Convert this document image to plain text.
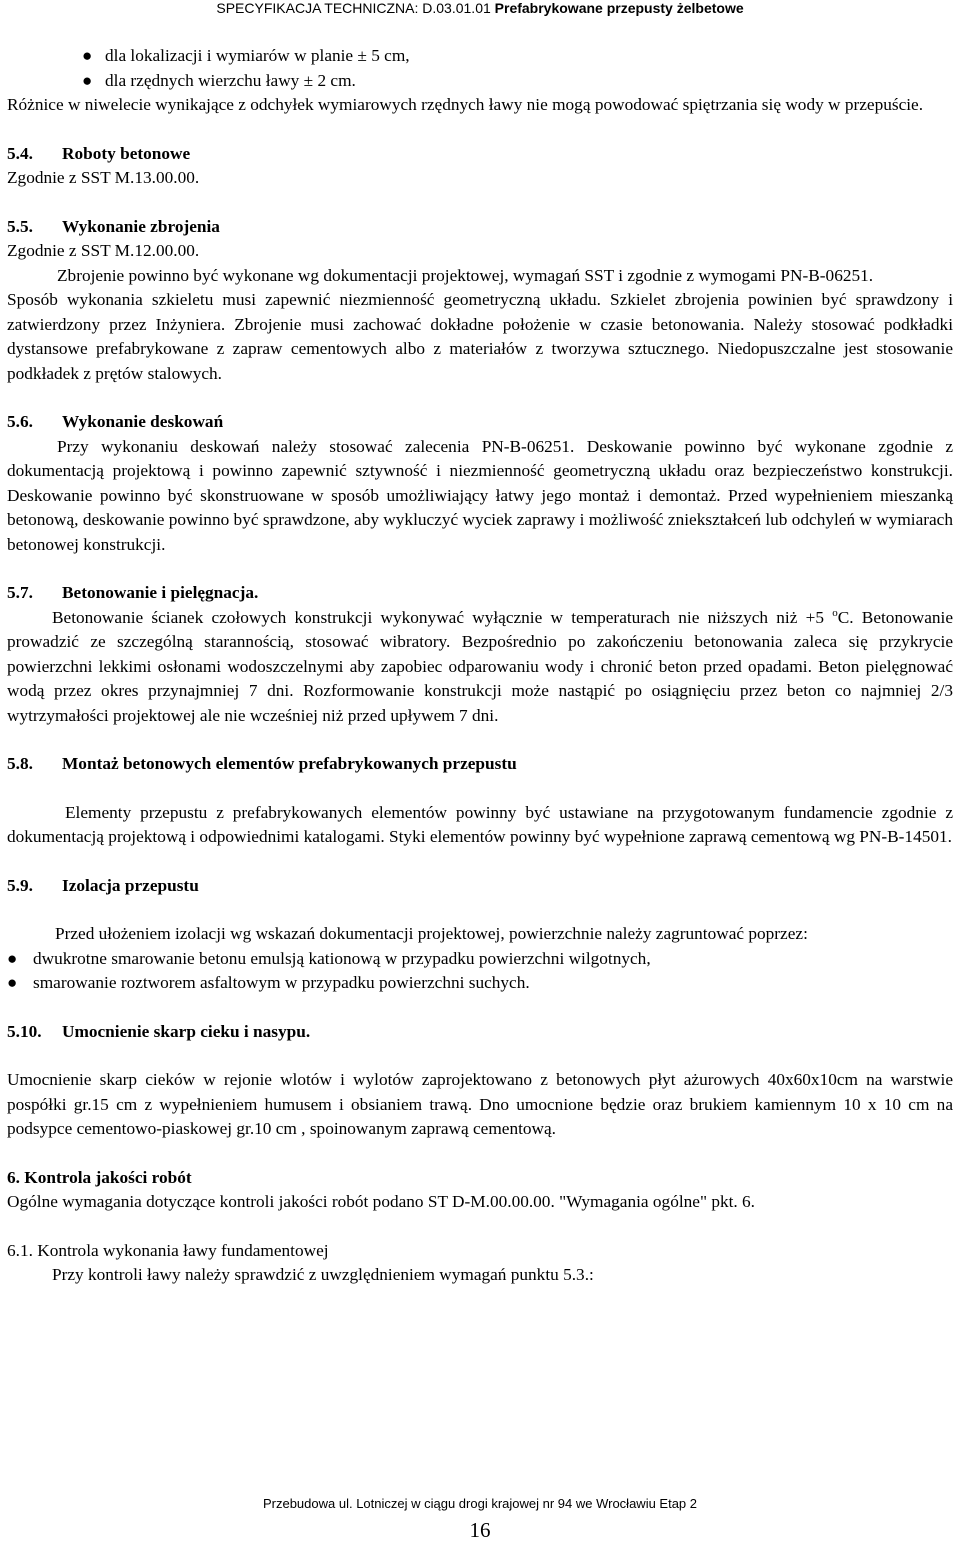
SPECYFIKACJA TECHNICZNA: D.03.01.01 Prefabrykowane przepusty żelbetowe
● dla lokalizacji i wymiarów w planie ± 5 cm,
● dla rzędnych wierzchu ławy ± 2 cm.

Różnice w niwelecie wynikające z odchyłek wymiarowych rzędnych ławy nie mogą powodować spiętrzania się wody w przepuście.

5.4. Roboty betonowe

Zgodnie z SST M.13.00.00.

5.5. Wykonanie zbrojenia

Zgodnie z SST M.12.00.00.

Zbrojenie powinno być wykonane wg dokumentacji projektowej, wymagań SST i zgodnie z wymogami PN-B-06251.

Sposób wykonania szkieletu musi zapewnić niezmienność geometryczną układu. Szkielet zbrojenia powinien być sprawdzony i zatwierdzony przez Inżyniera. Zbrojenie musi zachować dokładne położenie w czasie betonowania. Należy stosować podkładki dystansowe prefabrykowane z zapraw cementowych albo z materiałów z tworzywa sztucznego. Niedopuszczalne jest stosowanie podkładek z prętów stalowych.

5.6. Wykonanie deskowań

Przy wykonaniu deskowań należy stosować zalecenia PN-B-06251. Deskowanie powinno być wykonane zgodnie z dokumentacją projektową i powinno zapewnić sztywność i niezmienność geometryczną układu oraz bezpieczeństwo konstrukcji. Deskowanie powinno być skonstruowane w sposób umożliwiający łatwy jego montaż i demontaż. Przed wypełnieniem mieszanką betonową, deskowanie powinno być sprawdzone, aby wykluczyć wyciek zaprawy i możliwość zniekształceń lub odchyleń w wymiarach betonowej konstrukcji.

5.7. Betonowanie i pielęgnacja.

Betonowanie ścianek czołowych konstrukcji wykonywać wyłącznie w temperaturach nie niższych niż +5 $^o$C. Betonowanie prowadzić ze szczególną starannością, stosować wibratory. Bezpośrednio po zakończeniu betonowania zaleca się przykrycie powierzchni lekkimi osłonami wodoszczelnymi aby zapobiec odparowaniu wody i chronić beton przed opadami. Beton pielęgnować wodą przez okres przynajmniej 7 dni. Rozformowanie konstrukcji może nastąpić po osiągnięciu przez beton co najmniej 2/3 wytrzymałości projektowej ale nie wcześniej niż przed upływem 7 dni.

5.8. Montaż betonowych elementów prefabrykowanych przepustu

Elementy przepustu z prefabrykowanych elementów powinny być ustawiane na przygotowanym fundamencie zgodnie z dokumentacją projektową i odpowiednimi katalogami. Styki elementów powinny być wypełnione zaprawą cementową wg PN-B-14501.

5.9. Izolacja przepustu

Przed ułożeniem izolacji wg wskazań dokumentacji projektowej, powierzchnie należy zagruntować poprzez:

● dwukrotne smarowanie betonu emulsją kationową w przypadku powierzchni wilgotnych,
● smarowanie roztworem asfaltowym w przypadku powierzchni suchych.
5.10. Umocnienie skarp cieku i nasypu.

Umocnienie skarp cieków w rejonie wlotów i wylotów zaprojektowano z betonowych płyt ażurowych 40x60x10cm na warstwie pospółki gr.15 cm z wypełnieniem humusem i obsianiem trawą. Dno umocnione będzie oraz brukiem kamiennym 10 x 10 cm na podsypce cementowo-piaskowej gr.10 cm , spoinowanym zaprawą cementową.

6. Kontrola jakości robót

Ogólne wymagania dotyczące kontroli jakości robót podano ST D-M.00.00.00. "Wymagania ogólne" pkt. 6.

6.1. Kontrola wykonania ławy fundamentowej

Przy kontroli ławy należy sprawdzić z uwzględnieniem wymagań punktu 5.3.:

Przebudowa ul. Lotniczej w ciągu drogi krajowej nr 94 we Wrocławiu Etap 2
16
